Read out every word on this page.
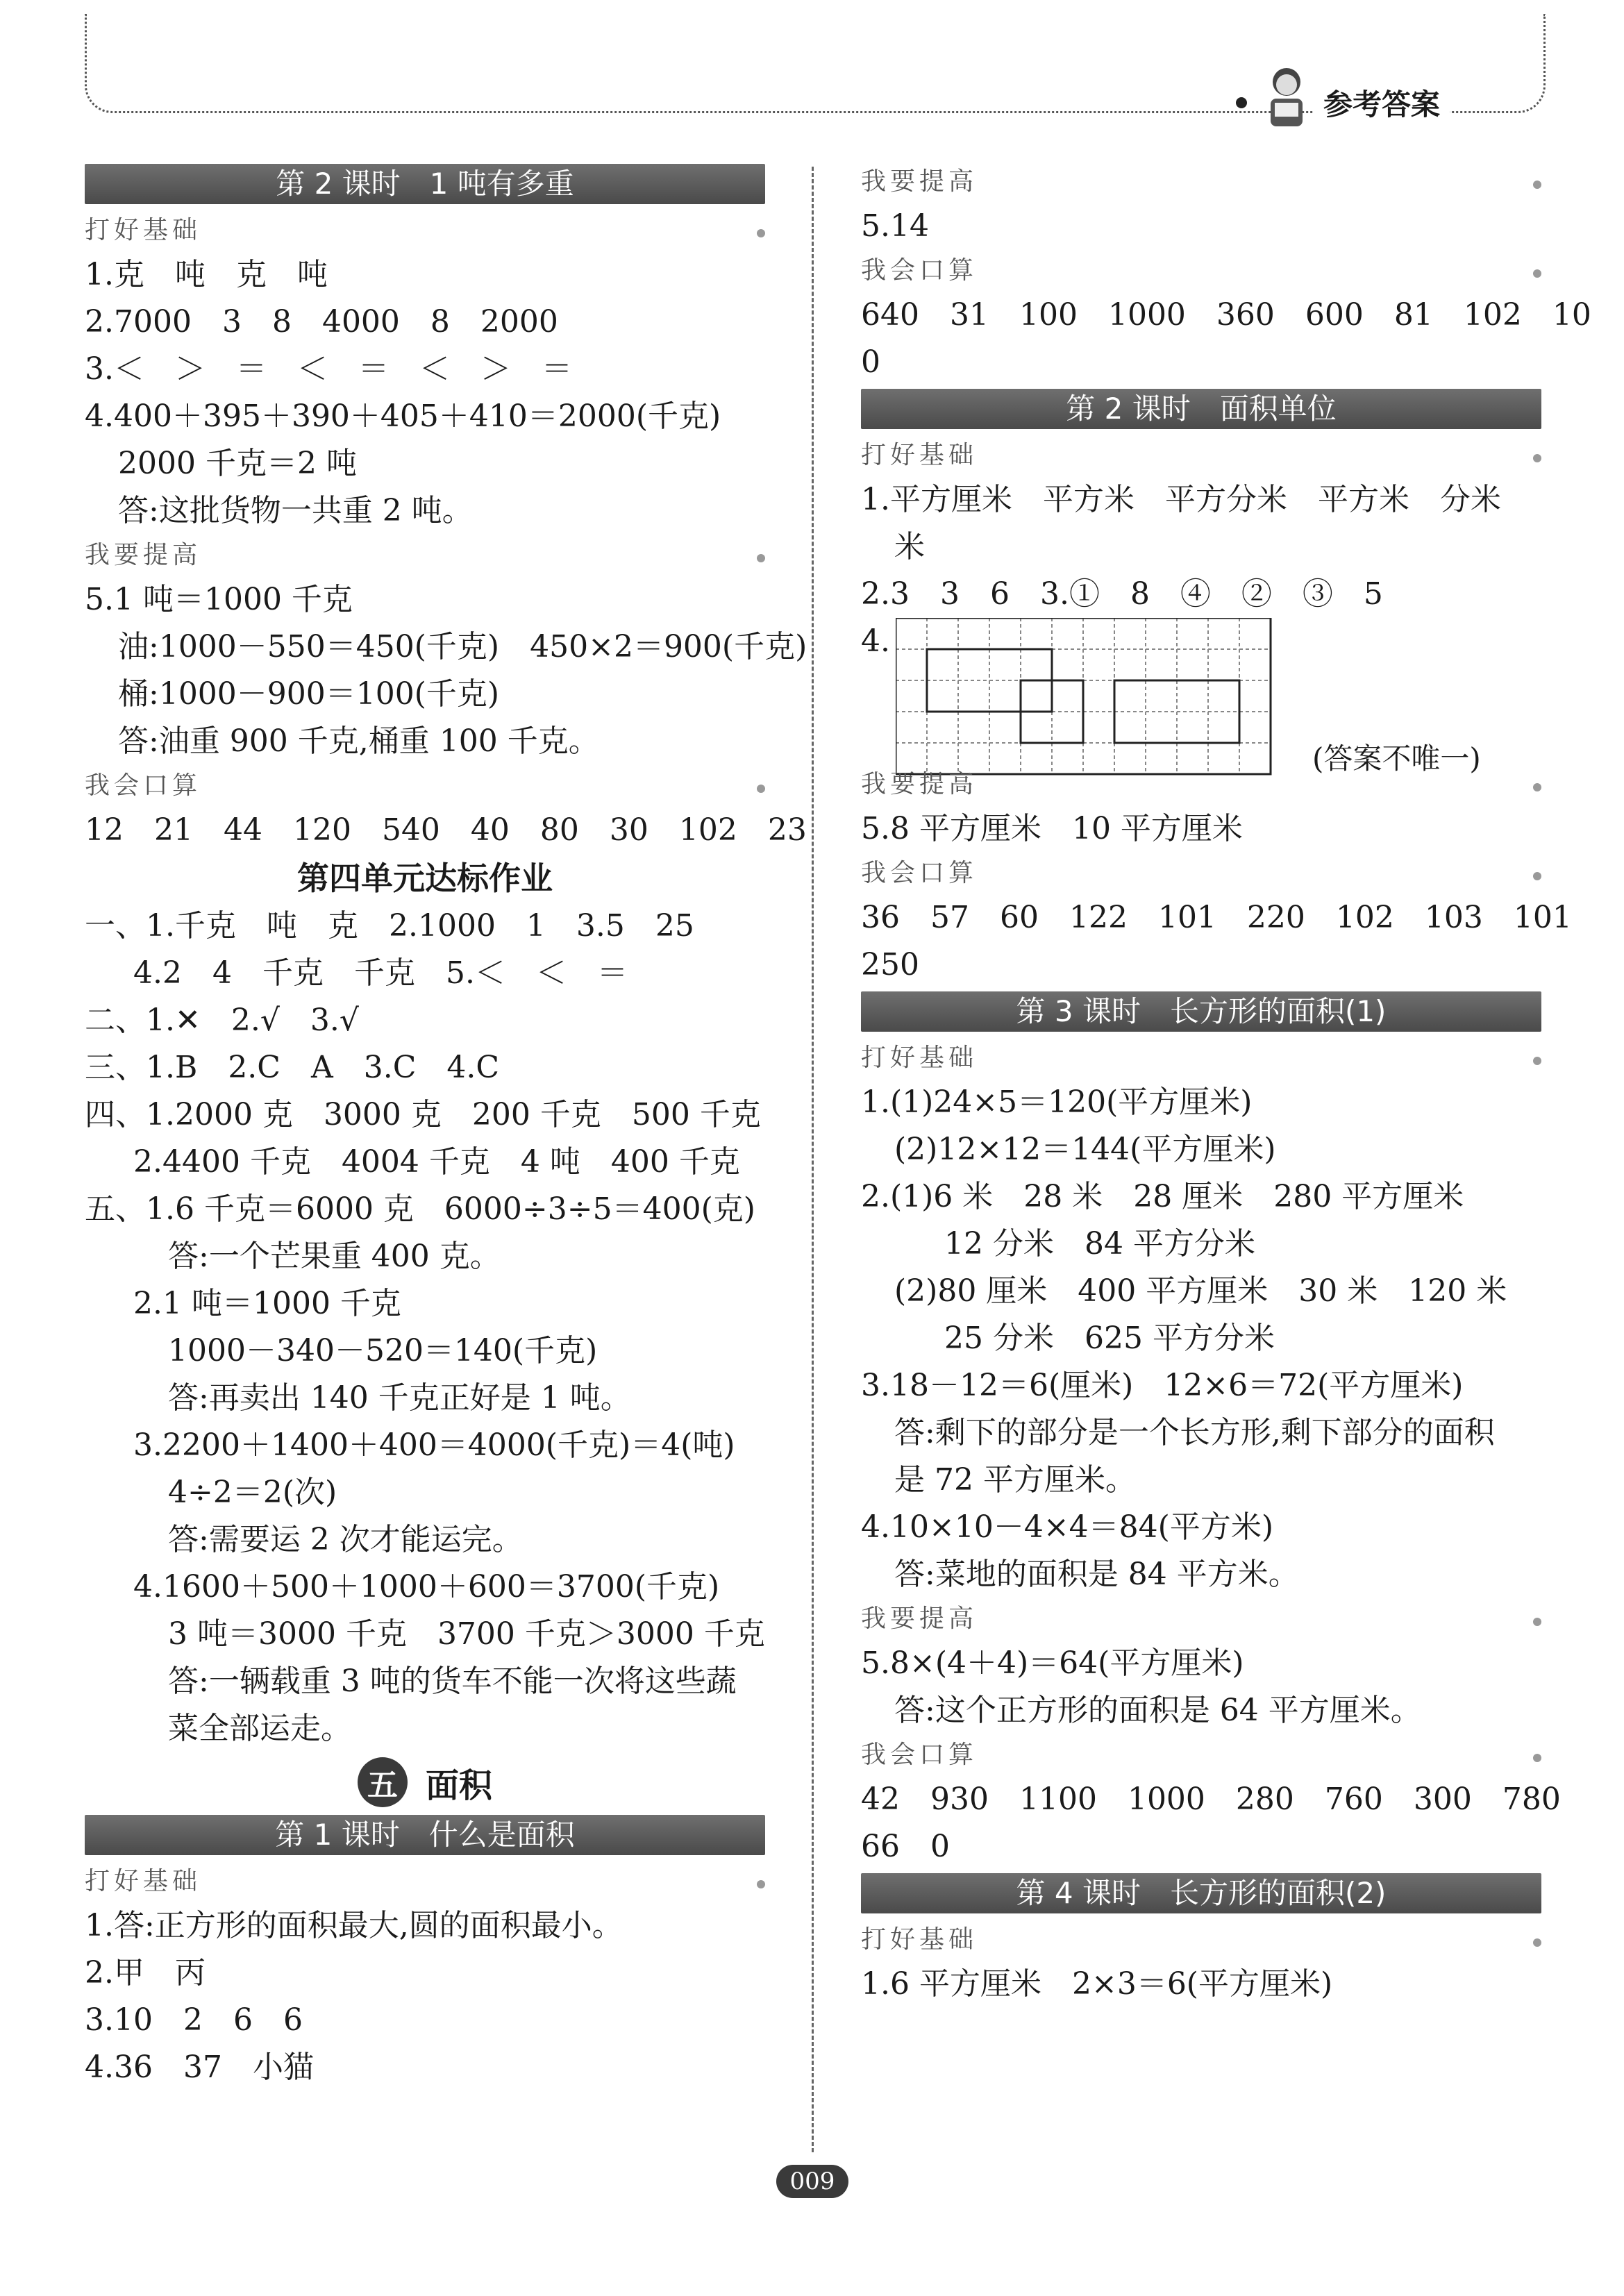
参考答案
第 2 课时　1 吨有多重
打好基础
1.克　吨　克　吨
2.7000　3　8　4000　8　2000
3.＜　＞　＝　＜　＝　＜　＞　＝
4.400＋395＋390＋405＋410＝2000(千克)
2000 千克＝2 吨
答:这批货物一共重 2 吨。
我要提高
5.1 吨＝1000 千克
油:1000－550＝450(千克)　450×2＝900(千克)
桶:1000－900＝100(千克)
答:油重 900 千克,桶重 100 千克。
我会口算
12　21　44　120　540　40　80　30　102　23
第四单元达标作业
一、1.千克　吨　克　2.1000　1　3.5　25
4.2　4　千克　千克　5.＜　＜　＝
二、1.✕　2.√　3.√
三、1.B　2.C　A　3.C　4.C
四、1.2000 克　3000 克　200 千克　500 千克
2.4400 千克　4004 千克　4 吨　400 千克
五、1.6 千克＝6000 克　6000÷3÷5＝400(克)
答:一个芒果重 400 克。
2.1 吨＝1000 千克
1000－340－520＝140(千克)
答:再卖出 140 千克正好是 1 吨。
3.2200＋1400＋400＝4000(千克)＝4(吨)
4÷2＝2(次)
答:需要运 2 次才能运完。
4.1600＋500＋1000＋600＝3700(千克)
3 吨＝3000 千克　3700 千克＞3000 千克
答:一辆载重 3 吨的货车不能一次将这些蔬
菜全部运走。
五 面积
第 1 课时　什么是面积
打好基础
1.答:正方形的面积最大,圆的面积最小。
2.甲　丙
3.10　2　6　6
4.36　37　小猫
我要提高
5.14
我会口算
640　31　100　1000　360　600　81　102　10
0
第 2 课时　面积单位
打好基础
1.平方厘米　平方米　平方分米　平方米　分米
米
2.3　3　6　3.①　8　④　②　③　5
4.
(答案不唯一)
我要提高
5.8 平方厘米　10 平方厘米
我会口算
36　57　60　122　101　220　102　103　101
250
第 3 课时　长方形的面积(1)
打好基础
1.(1)24×5＝120(平方厘米)
(2)12×12＝144(平方厘米)
2.(1)6 米　28 米　28 厘米　280 平方厘米
12 分米　84 平方分米
(2)80 厘米　400 平方厘米　30 米　120 米
25 分米　625 平方分米
3.18－12＝6(厘米)　12×6＝72(平方厘米)
答:剩下的部分是一个长方形,剩下部分的面积
是 72 平方厘米。
4.10×10－4×4＝84(平方米)
答:菜地的面积是 84 平方米。
我要提高
5.8×(4＋4)＝64(平方厘米)
答:这个正方形的面积是 64 平方厘米。
我会口算
42　930　1100　1000　280　760　300　780
66　0
第 4 课时　长方形的面积(2)
打好基础
1.6 平方厘米　2×3＝6(平方厘米)
009
